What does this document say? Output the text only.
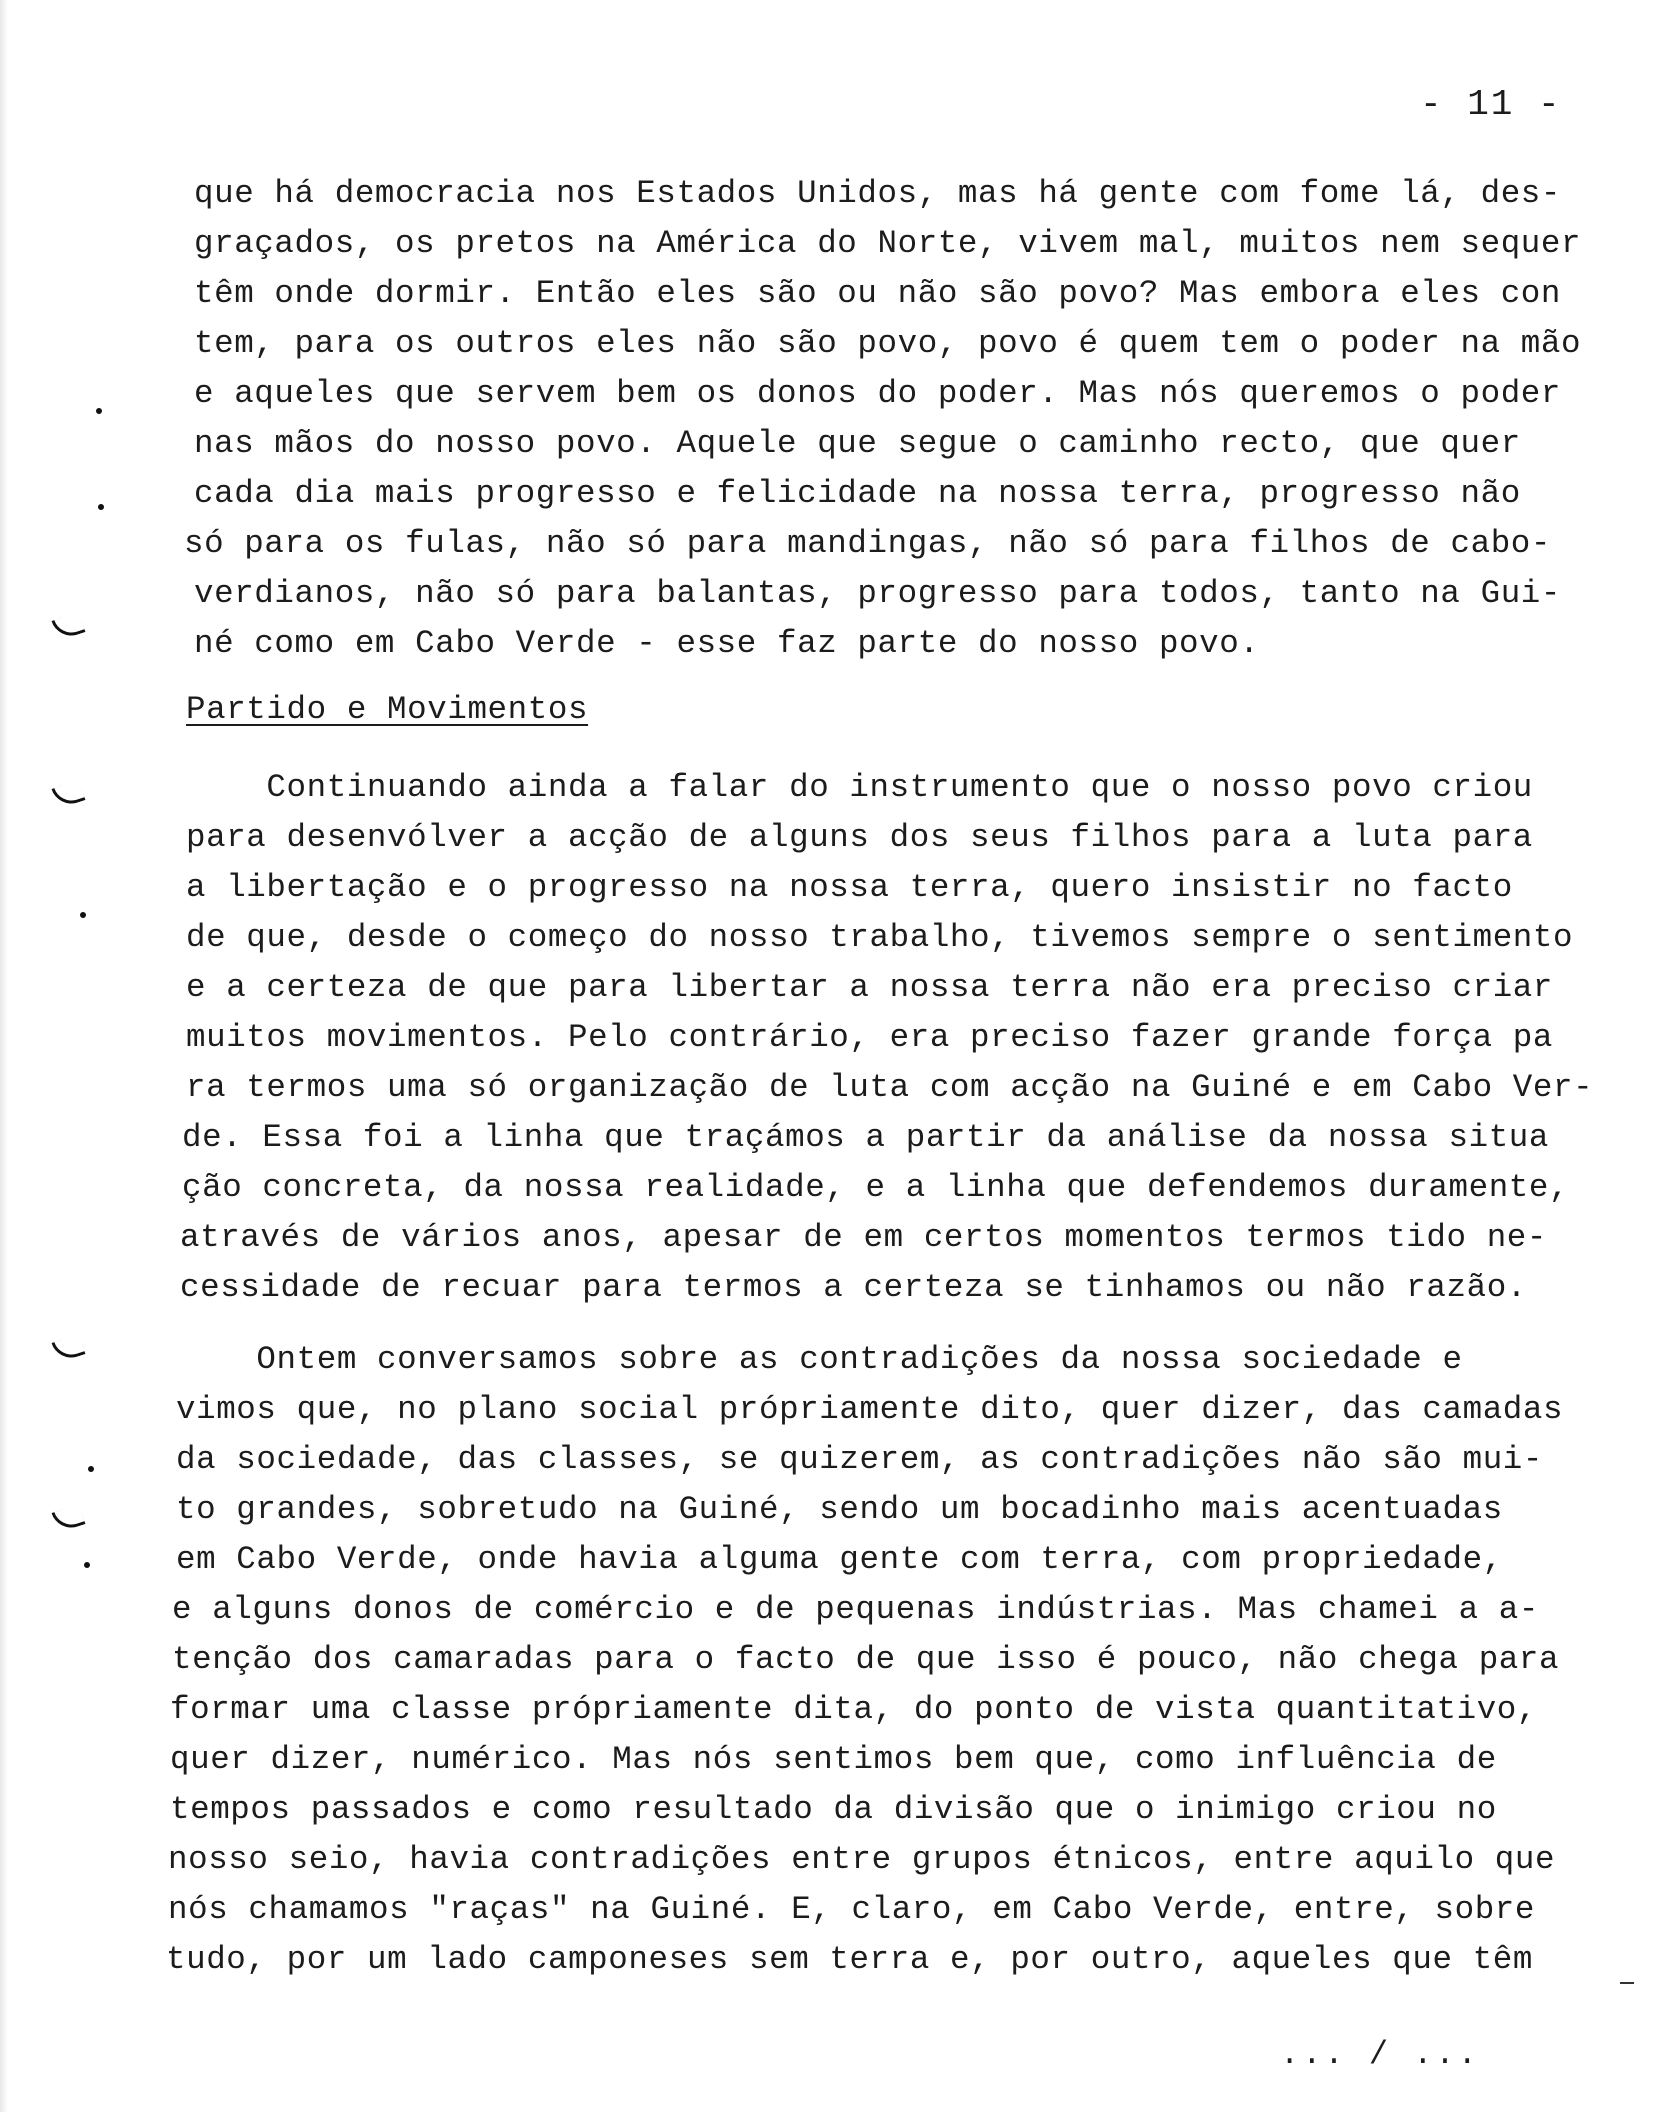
- 11 -
que há democracia nos Estados Unidos, mas há gente com fome lá, des-
graçados, os pretos na América do Norte, vivem mal, muitos nem sequer
têm onde dormir. Então eles são ou não são povo? Mas embora eles con
tem, para os outros eles não são povo, povo é quem tem o poder na mão
e aqueles que servem bem os donos do poder. Mas nós queremos o poder
nas mãos do nosso povo. Aquele que segue o caminho recto, que quer
cada dia mais progresso e felicidade na nossa terra, progresso não
só para os fulas, não só para mandingas, não só para filhos de cabo-
verdianos, não só para balantas, progresso para todos, tanto na Gui-
né como em Cabo Verde - esse faz parte do nosso povo.
Partido e Movimentos
Continuando ainda a falar do instrumento que o nosso povo criou
para desenvólver a acção de alguns dos seus filhos para a luta para
a libertação e o progresso na nossa terra, quero insistir no facto
de que, desde o começo do nosso trabalho, tivemos sempre o sentimento
e a certeza de que para libertar a nossa terra não era preciso criar
muitos movimentos. Pelo contrário, era preciso fazer grande força pa
ra termos uma só organização de luta com acção na Guiné e em Cabo Ver-
de. Essa foi a linha que traçámos a partir da análise da nossa situa
ção concreta, da nossa realidade, e a linha que defendemos duramente,
através de vários anos, apesar de em certos momentos termos tido ne-
cessidade de recuar para termos a certeza se tinhamos ou não razão.
Ontem conversamos sobre as contradições da nossa sociedade e
vimos que, no plano social própriamente dito, quer dizer, das camadas
da sociedade, das classes, se quizerem, as contradições não são mui-
to grandes, sobretudo na Guiné, sendo um bocadinho mais acentuadas
em Cabo Verde, onde havia alguma gente com terra, com propriedade,
e alguns donos de comércio e de pequenas indústrias. Mas chamei a a-
tenção dos camaradas para o facto de que isso é pouco, não chega para
formar uma classe própriamente dita, do ponto de vista quantitativo,
quer dizer, numérico. Mas nós sentimos bem que, como influência de
tempos passados e como resultado da divisão que o inimigo criou no
nosso seio, havia contradições entre grupos étnicos, entre aquilo que
nós chamamos "raças" na Guiné. E, claro, em Cabo Verde, entre, sobre
tudo, por um lado camponeses sem terra e, por outro, aqueles que têm
... / ...
